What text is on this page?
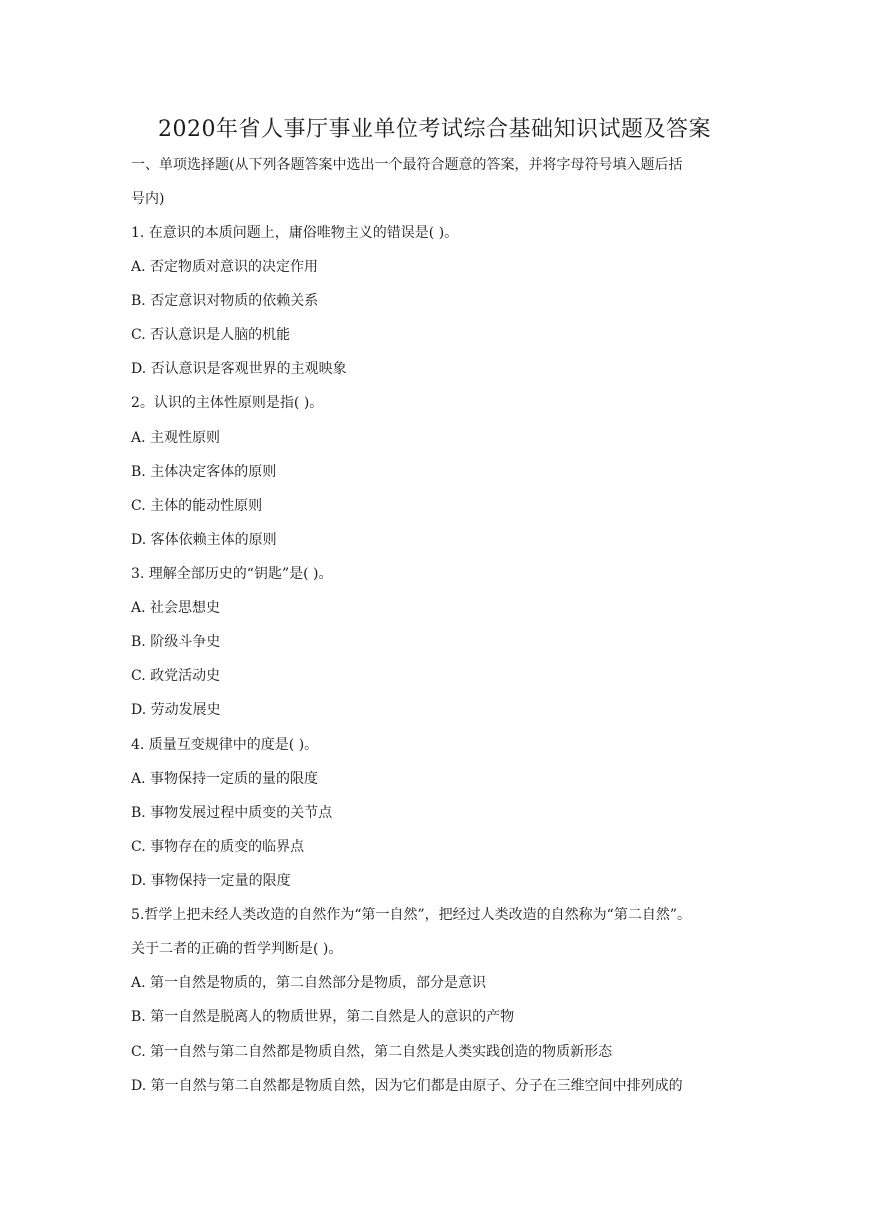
2020年省人事厅事业单位考试综合基础知识试题及答案
一、单项选择题(从下列各题答案中选出一个最符合题意的答案，并将字母符号填入题后括
号内)
1. 在意识的本质问题上，庸俗唯物主义的错误是( )。
A. 否定物质对意识的决定作用
B. 否定意识对物质的依赖关系
C. 否认意识是人脑的机能
D. 否认意识是客观世界的主观映象
2。认识的主体性原则是指( )。
A. 主观性原则
B. 主体决定客体的原则
C. 主体的能动性原则
D. 客体依赖主体的原则
3. 理解全部历史的“钥匙”是( )。
A. 社会思想史
B. 阶级斗争史
C. 政党活动史
D. 劳动发展史
4. 质量互变规律中的度是( )。
A. 事物保持一定质的量的限度
B. 事物发展过程中质变的关节点
C. 事物存在的质变的临界点
D. 事物保持一定量的限度
5.哲学上把未经人类改造的自然作为“第一自然”，把经过人类改造的自然称为“第二自然”。
关于二者的正确的哲学判断是( )。
A. 第一自然是物质的，第二自然部分是物质，部分是意识
B. 第一自然是脱离人的物质世界，第二自然是人的意识的产物
C. 第一自然与第二自然都是物质自然，第二自然是人类实践创造的物质新形态
D. 第一自然与第二自然都是物质自然，因为它们都是由原子、分子在三维空间中排列成的
